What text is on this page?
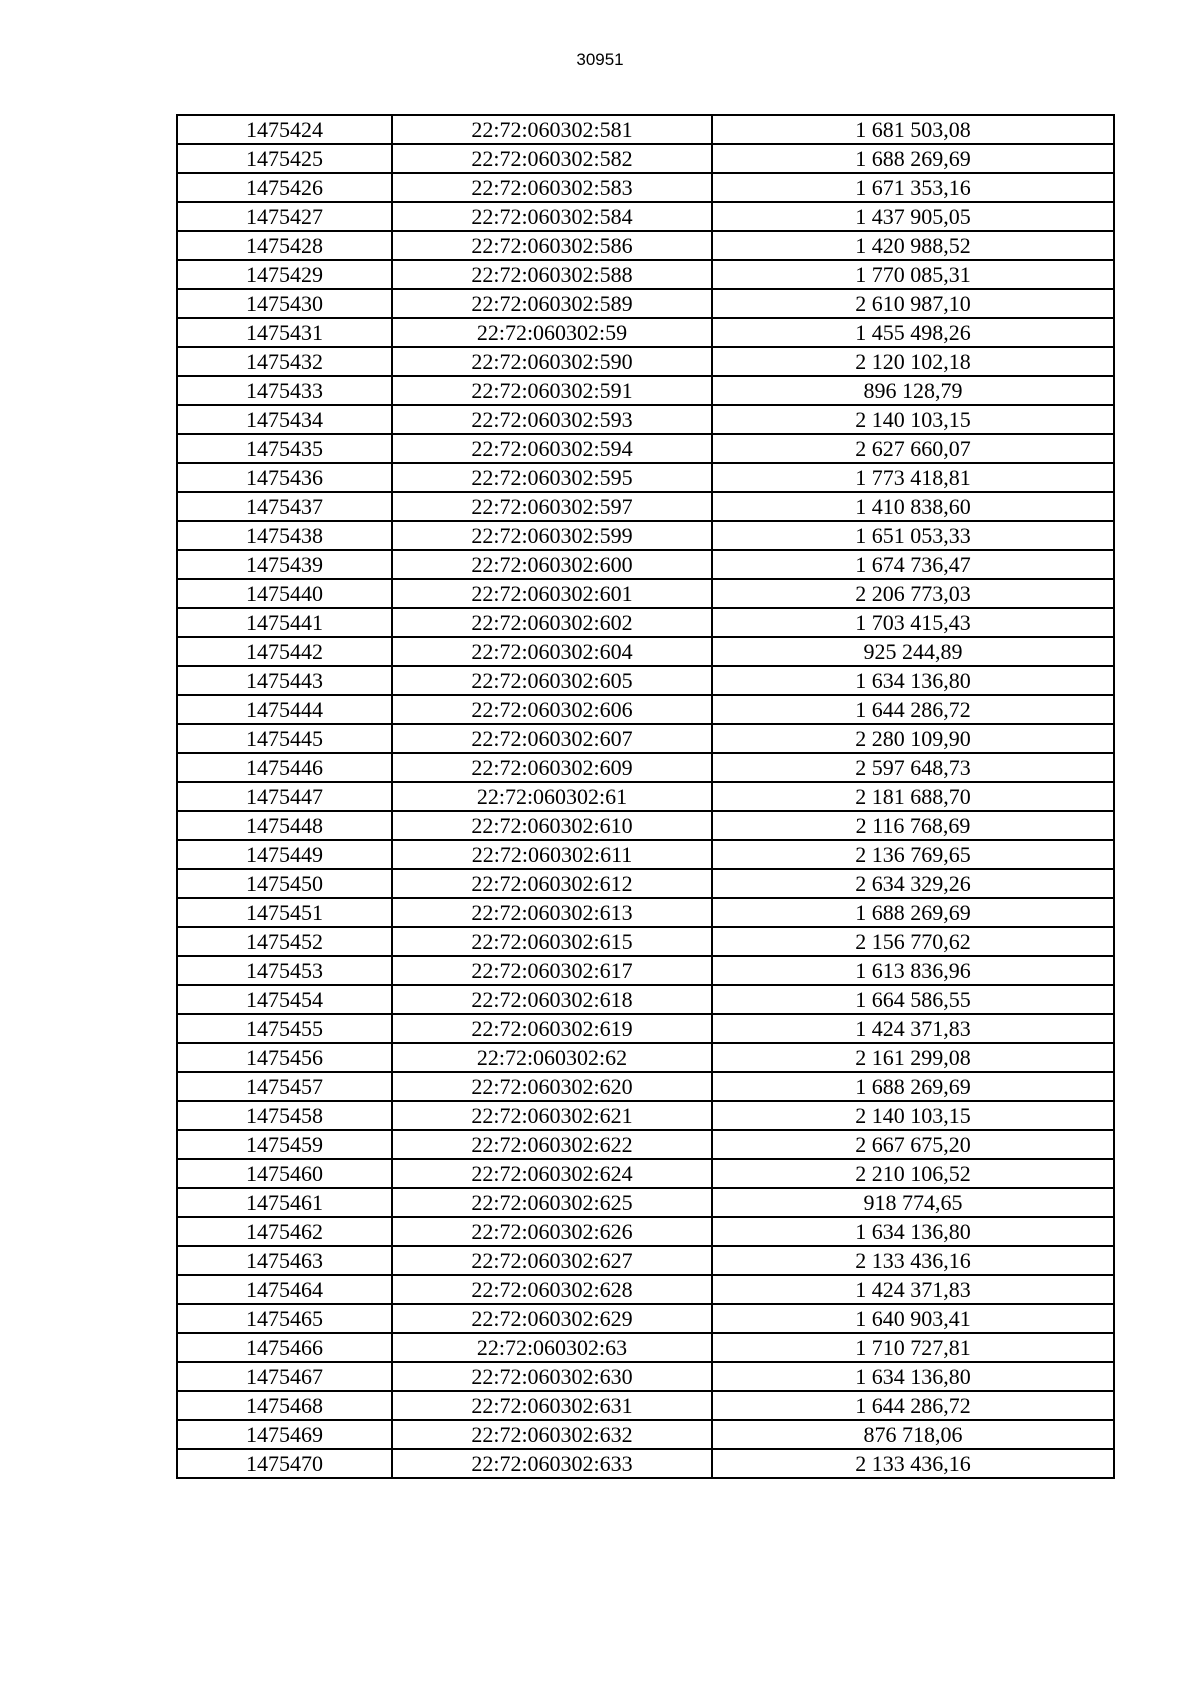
30951
1475424	22:72:060302:581	1 681 503,08
1475425	22:72:060302:582	1 688 269,69
1475426	22:72:060302:583	1 671 353,16
1475427	22:72:060302:584	1 437 905,05
1475428	22:72:060302:586	1 420 988,52
1475429	22:72:060302:588	1 770 085,31
1475430	22:72:060302:589	2 610 987,10
1475431	22:72:060302:59	1 455 498,26
1475432	22:72:060302:590	2 120 102,18
1475433	22:72:060302:591	896 128,79
1475434	22:72:060302:593	2 140 103,15
1475435	22:72:060302:594	2 627 660,07
1475436	22:72:060302:595	1 773 418,81
1475437	22:72:060302:597	1 410 838,60
1475438	22:72:060302:599	1 651 053,33
1475439	22:72:060302:600	1 674 736,47
1475440	22:72:060302:601	2 206 773,03
1475441	22:72:060302:602	1 703 415,43
1475442	22:72:060302:604	925 244,89
1475443	22:72:060302:605	1 634 136,80
1475444	22:72:060302:606	1 644 286,72
1475445	22:72:060302:607	2 280 109,90
1475446	22:72:060302:609	2 597 648,73
1475447	22:72:060302:61	2 181 688,70
1475448	22:72:060302:610	2 116 768,69
1475449	22:72:060302:611	2 136 769,65
1475450	22:72:060302:612	2 634 329,26
1475451	22:72:060302:613	1 688 269,69
1475452	22:72:060302:615	2 156 770,62
1475453	22:72:060302:617	1 613 836,96
1475454	22:72:060302:618	1 664 586,55
1475455	22:72:060302:619	1 424 371,83
1475456	22:72:060302:62	2 161 299,08
1475457	22:72:060302:620	1 688 269,69
1475458	22:72:060302:621	2 140 103,15
1475459	22:72:060302:622	2 667 675,20
1475460	22:72:060302:624	2 210 106,52
1475461	22:72:060302:625	918 774,65
1475462	22:72:060302:626	1 634 136,80
1475463	22:72:060302:627	2 133 436,16
1475464	22:72:060302:628	1 424 371,83
1475465	22:72:060302:629	1 640 903,41
1475466	22:72:060302:63	1 710 727,81
1475467	22:72:060302:630	1 634 136,80
1475468	22:72:060302:631	1 644 286,72
1475469	22:72:060302:632	876 718,06
1475470	22:72:060302:633	2 133 436,16
